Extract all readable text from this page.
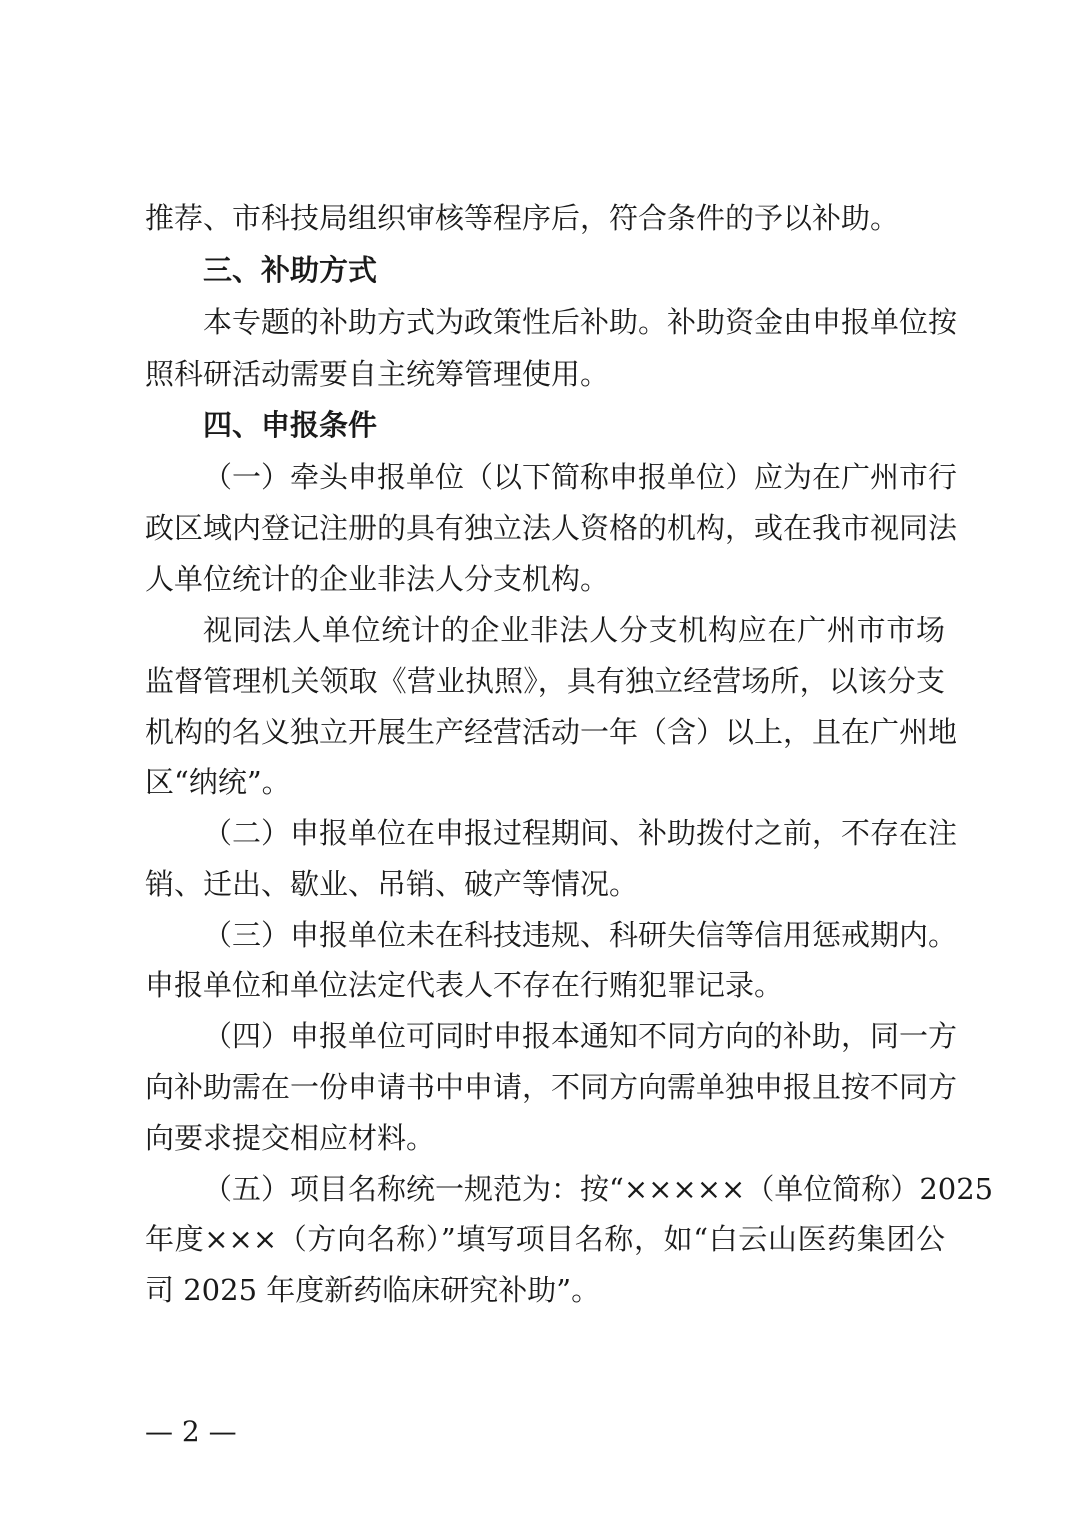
推荐、市科技局组织审核等程序后，符合条件的予以补助。
三、补助方式
本专题的补助方式为政策性后补助。补助资金由申报单位按
照科研活动需要自主统筹管理使用。
四、申报条件
（一）牵头申报单位（以下简称申报单位）应为在广州市行
政区域内登记注册的具有独立法人资格的机构，或在我市视同法
人单位统计的企业非法人分支机构。
视同法人单位统计的企业非法人分支机构应在广州市市场
监督管理机关领取《营业执照》，具有独立经营场所，以该分支
机构的名义独立开展生产经营活动一年（含）以上，且在广州地
区“纳统”。
（二）申报单位在申报过程期间、补助拨付之前，不存在注
销、迁出、歇业、吊销、破产等情况。
（三）申报单位未在科技违规、科研失信等信用惩戒期内。
申报单位和单位法定代表人不存在行贿犯罪记录。
（四）申报单位可同时申报本通知不同方向的补助，同一方
向补助需在一份申请书中申请，不同方向需单独申报且按不同方
向要求提交相应材料。
（五）项目名称统一规范为：按“×××××（单位简称）2025
年度×××（方向名称）”填写项目名称，如“白云山医药集团公
司 2025 年度新药临床研究补助”。
— 2 —
